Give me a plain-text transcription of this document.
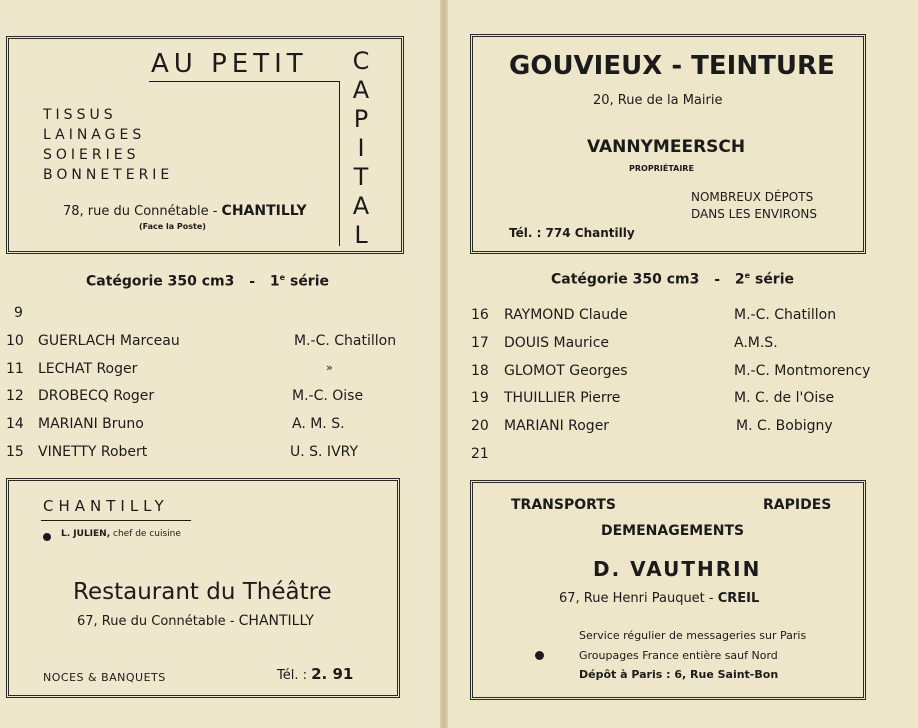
AU PETIT C
A
P
I
T
A
L
TISSUS
LAINAGES
SOIERIES
BONNETERIE
78, rue du Connétable - CHANTILLY
(Face la Poste)
Catégorie 350 cm3 - 1e série
9
10 GUERLACH Marceau	M.-C. Chatillon
11 LECHAT Roger	»
12 DROBECQ Roger	M.-C. Oise
14 MARIANI Bruno	A. M. S.
15 VINETTY Robert	U. S. IVRY
CHANTILLY
L. JULIEN, chef de cuisine
Restaurant du Théâtre
67, Rue du Connétable - CHANTILLY
NOCES & BANQUETS	Tél. : 2. 91
GOUVIEUX - TEINTURE
20, Rue de la Mairie
VANNYMEERSCH
PROPRIÉTAIRE
NOMBREUX DÉPOTS
DANS LES ENVIRONS
Tél. : 774 Chantilly
Catégorie 350 cm3 - 2e série
16 RAYMOND Claude	M.-C. Chatillon
17 DOUIS Maurice	A.M.S.
18 GLOMOT Georges	M.-C. Montmorency
19 THUILLIER Pierre	M. C. de l'Oise
20 MARIANI Roger	M. C. Bobigny
21
TRANSPORTS	RAPIDES
DEMENAGEMENTS
D. VAUTHRIN
67, Rue Henri Pauquet - CREIL
Service régulier de messageries sur Paris
Groupages France entière sauf Nord
Dépôt à Paris : 6, Rue Saint-Bon
